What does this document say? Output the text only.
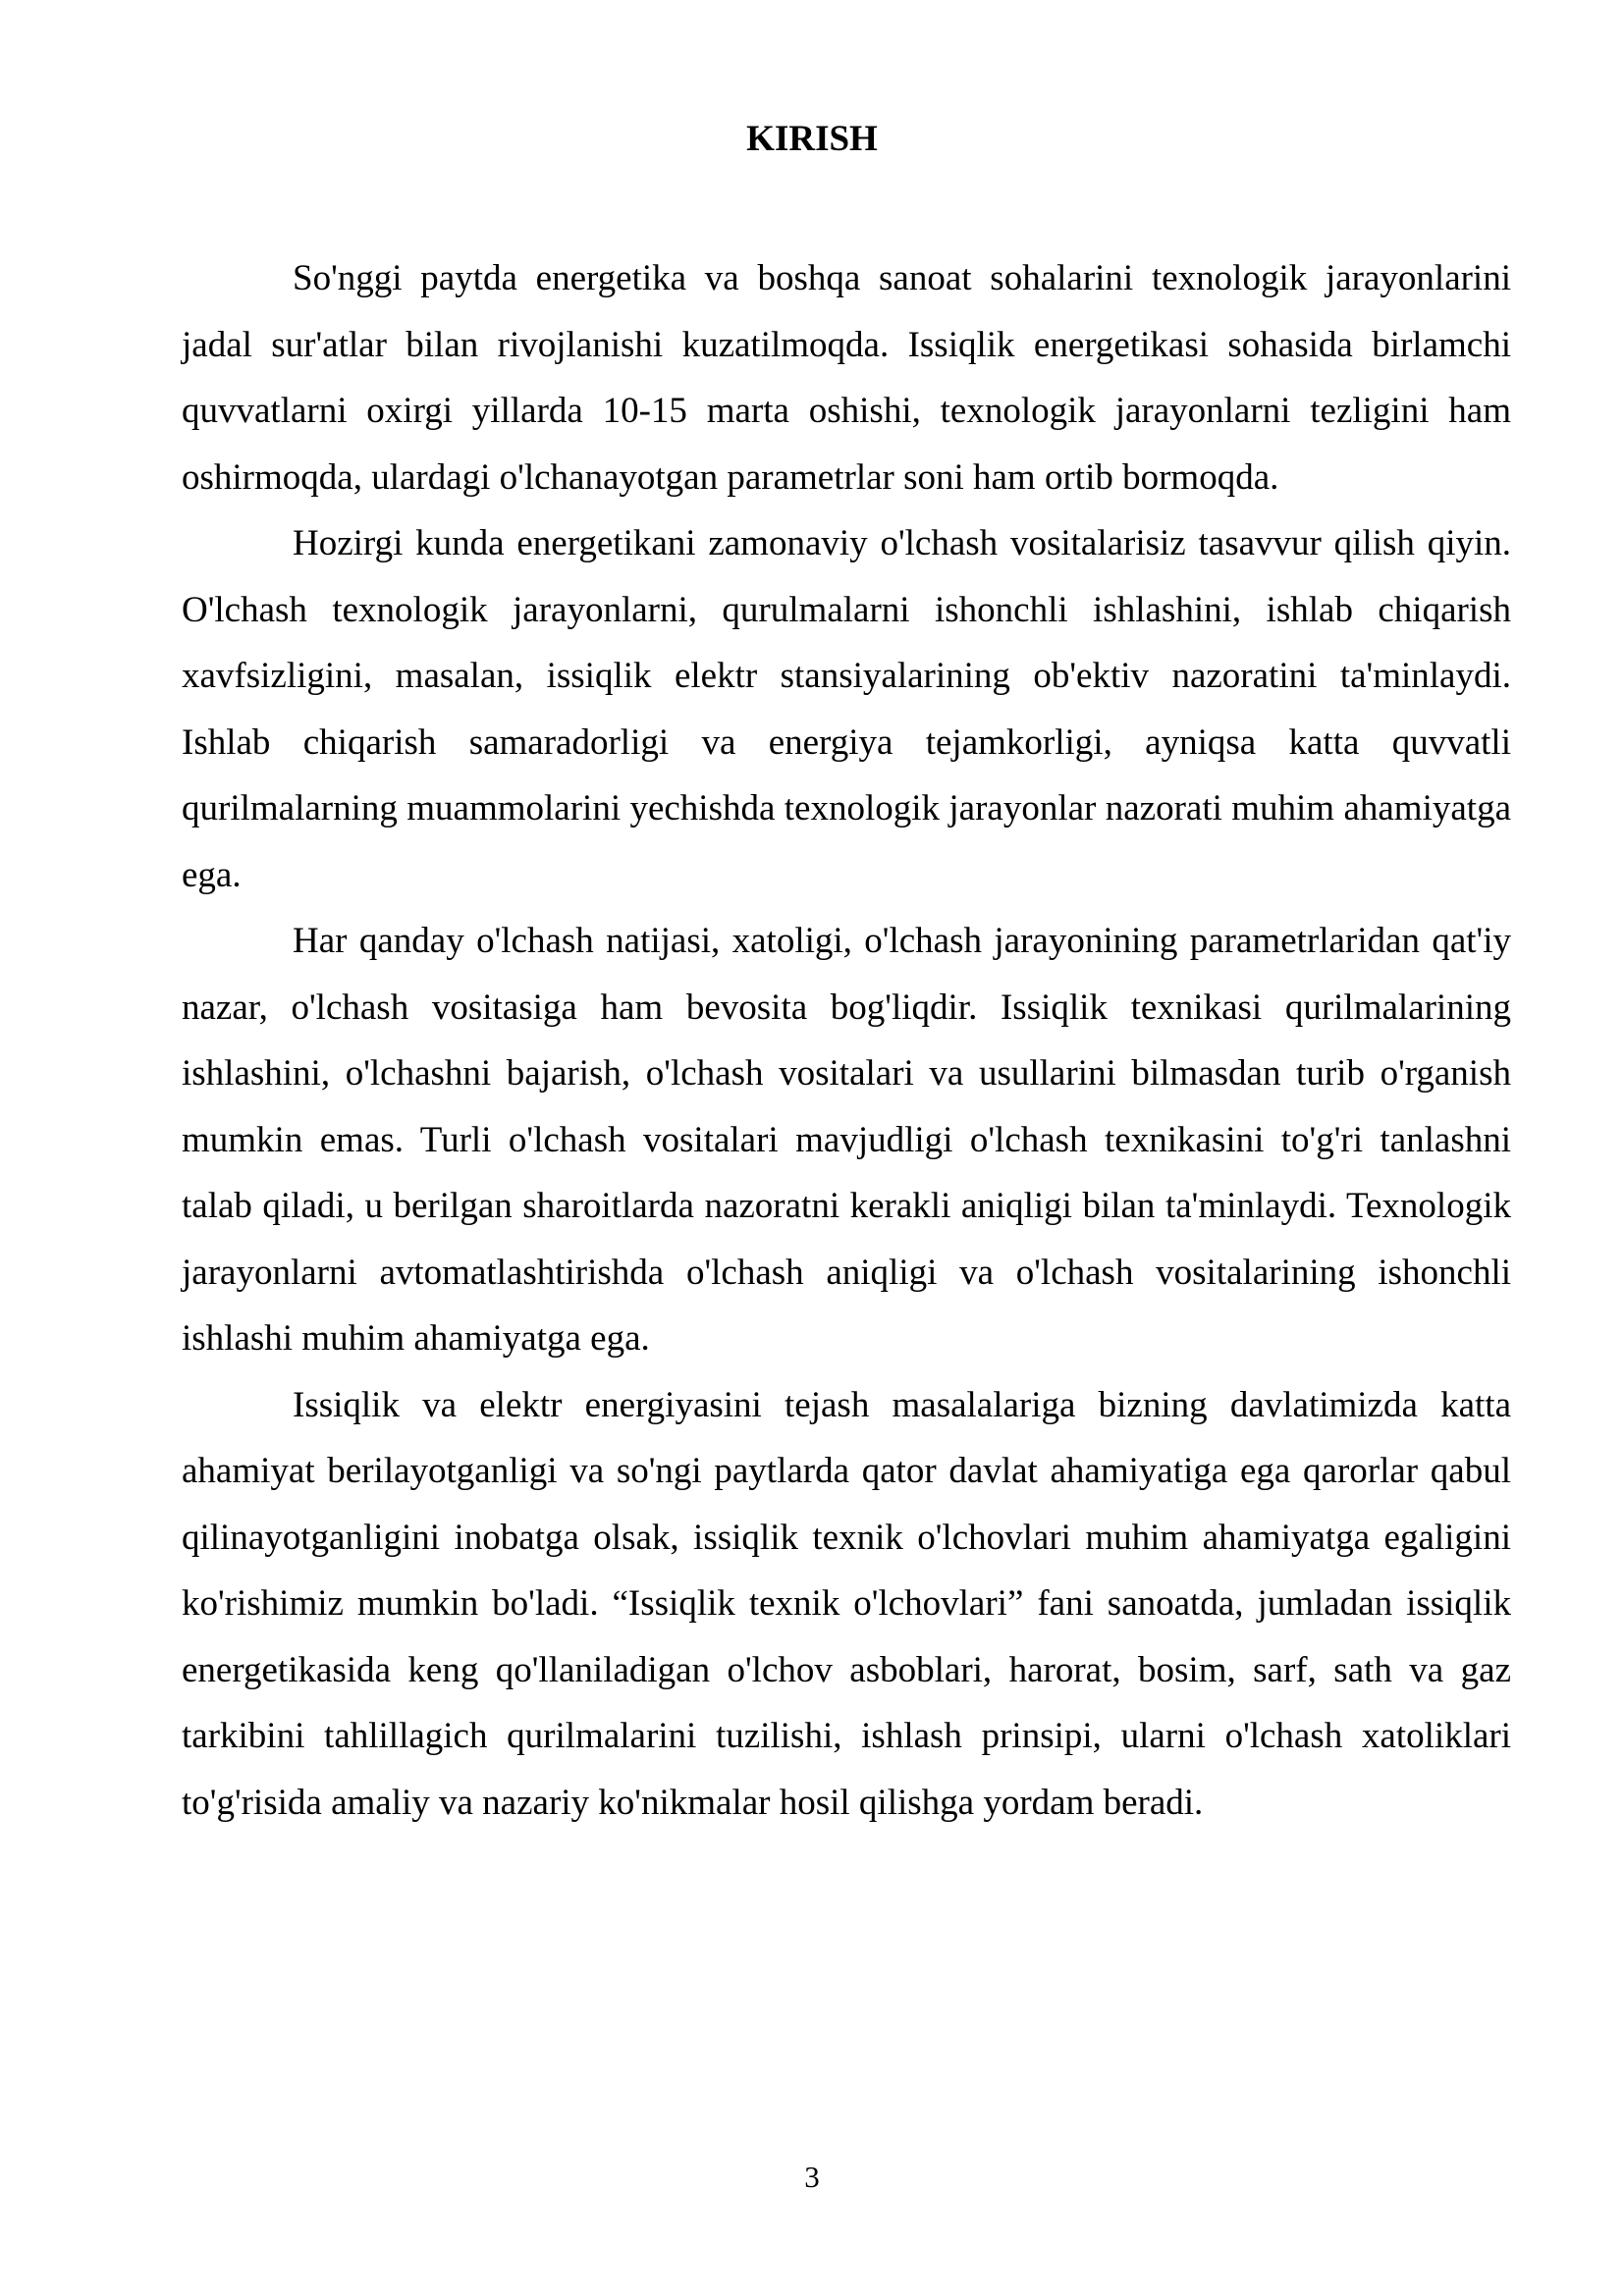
KIRISH

So'nggi paytda energetika va boshqa sanoat sohalarini texnologik jarayonlarini jadal sur'atlar bilan rivojlanishi kuzatilmoqda. Issiqlik energetikasi sohasida birlamchi quvvatlarni oxirgi yillarda 10-15 marta oshishi, texnologik jarayonlarni tezligini ham oshirmoqda, ulardagi o'lchanayotgan parametrlar soni ham ortib bormoqda.

Hozirgi kunda energetikani zamonaviy o'lchash vositalarisiz tasavvur qilish qiyin. O'lchash texnologik jarayonlarni, qurulmalarni ishonchli ishlashini, ishlab chiqarish xavfsizligini, masalan, issiqlik elektr stansiyalarining ob'ektiv nazoratini ta'minlaydi. Ishlab chiqarish samaradorligi va energiya tejamkorligi, ayniqsa katta quvvatli qurilmalarning muammolarini yechishda texnologik jarayonlar nazorati muhim ahamiyatga ega.

Har qanday o'lchash natijasi, xatoligi, o'lchash jarayonining parametrlaridan qat'iy nazar, o'lchash vositasiga ham bevosita bog'liqdir. Issiqlik texnikasi qurilmalarining ishlashini, o'lchashni bajarish, o'lchash vositalari va usullarini bilmasdan turib o'rganish mumkin emas. Turli o'lchash vositalari mavjudligi o'lchash texnikasini to'g'ri tanlashni talab qiladi, u berilgan sharoitlarda nazoratni kerakli aniqligi bilan ta'minlaydi. Texnologik jarayonlarni avtomatlashtirishda o'lchash aniqligi va o'lchash vositalarining ishonchli ishlashi muhim ahamiyatga ega.

Issiqlik va elektr energiyasini tejash masalalariga bizning davlatimizda katta ahamiyat berilayotganligi va so'ngi paytlarda qator davlat ahamiyatiga ega qarorlar qabul qilinayotganligini inobatga olsak, issiqlik texnik o'lchovlari muhim ahamiyatga egaligini ko'rishimiz mumkin bo'ladi. “Issiqlik texnik o'lchovlari” fani sanoatda, jumladan issiqlik energetikasida keng qo'llaniladigan o'lchov asboblari, harorat, bosim, sarf, sath va gaz tarkibini tahlillagich qurilmalarini tuzilishi, ishlash prinsipi, ularni o'lchash xatoliklari to'g'risida amaliy va nazariy ko'nikmalar hosil qilishga yordam beradi.

3
